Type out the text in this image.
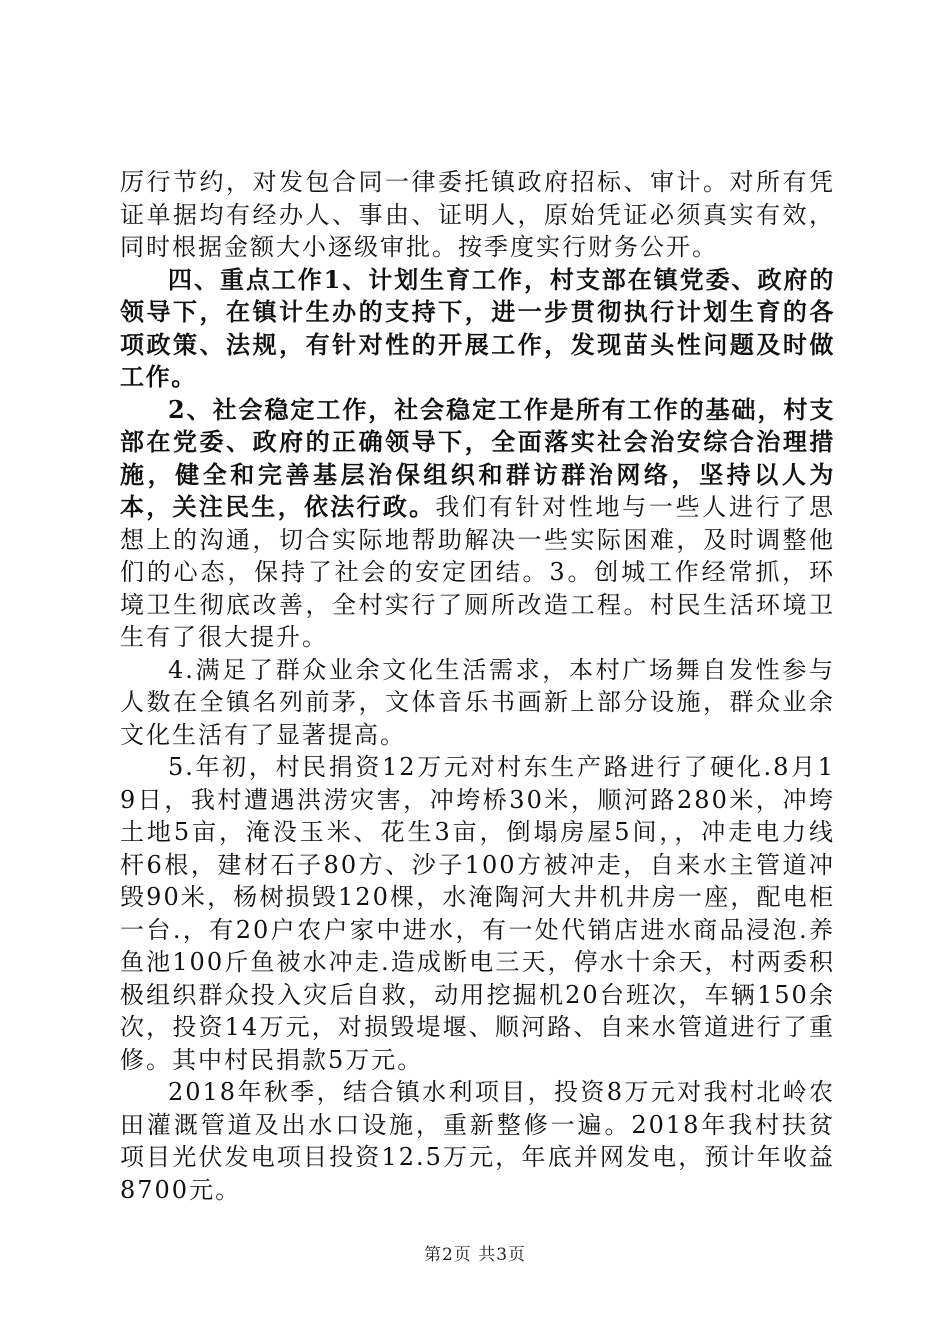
厉行节约，对发包合同一律委托镇政府招标、审计。对所有凭证单据均有经办人、事由、证明人，原始凭证必须真实有效，同时根据金额大小逐级审批。按季度实行财务公开。

四、重点工作1、计划生育工作，村支部在镇党委、政府的领导下，在镇计生办的支持下，进一步贯彻执行计划生育的各项政策、法规，有针对性的开展工作，发现苗头性问题及时做工作。

2、社会稳定工作，社会稳定工作是所有工作的基础，村支部在党委、政府的正确领导下，全面落实社会治安综合治理措施，健全和完善基层治保组织和群访群治网络，坚持以人为本，关注民生，依法行政。我们有针对性地与一些人进行了思想上的沟通，切合实际地帮助解决一些实际困难，及时调整他们的心态，保持了社会的安定团结。3。创城工作经常抓，环境卫生彻底改善，全村实行了厕所改造工程。村民生活环境卫生有了很大提升。

4.满足了群众业余文化生活需求，本村广场舞自发性参与人数在全镇名列前茅，文体音乐书画新上部分设施，群众业余文化生活有了显著提高。

5.年初，村民捐资12万元对村东生产路进行了硬化.8月19日，我村遭遇洪涝灾害，冲垮桥30米，顺河路280米，冲垮土地5亩，淹没玉米、花生3亩，倒塌房屋5间，，冲走电力线杆6根，建材石子80方、沙子100方被冲走，自来水主管道冲毁90米，杨树损毁120棵，水淹陶河大井机井房一座，配电柜一台.，有20户农户家中进水，有一处代销店进水商品浸泡.养鱼池100斤鱼被水冲走.造成断电三天，停水十余天，村两委积极组织群众投入灾后自救，动用挖掘机20台班次，车辆150余次，投资14万元，对损毁堤堰、顺河路、自来水管道进行了重修。其中村民捐款5万元。

2018年秋季，结合镇水利项目，投资8万元对我村北岭农田灌溉管道及出水口设施，重新整修一遍。2018年我村扶贫项目光伏发电项目投资12.5万元，年底并网发电，预计年收益8700元。

第2页 共3页
